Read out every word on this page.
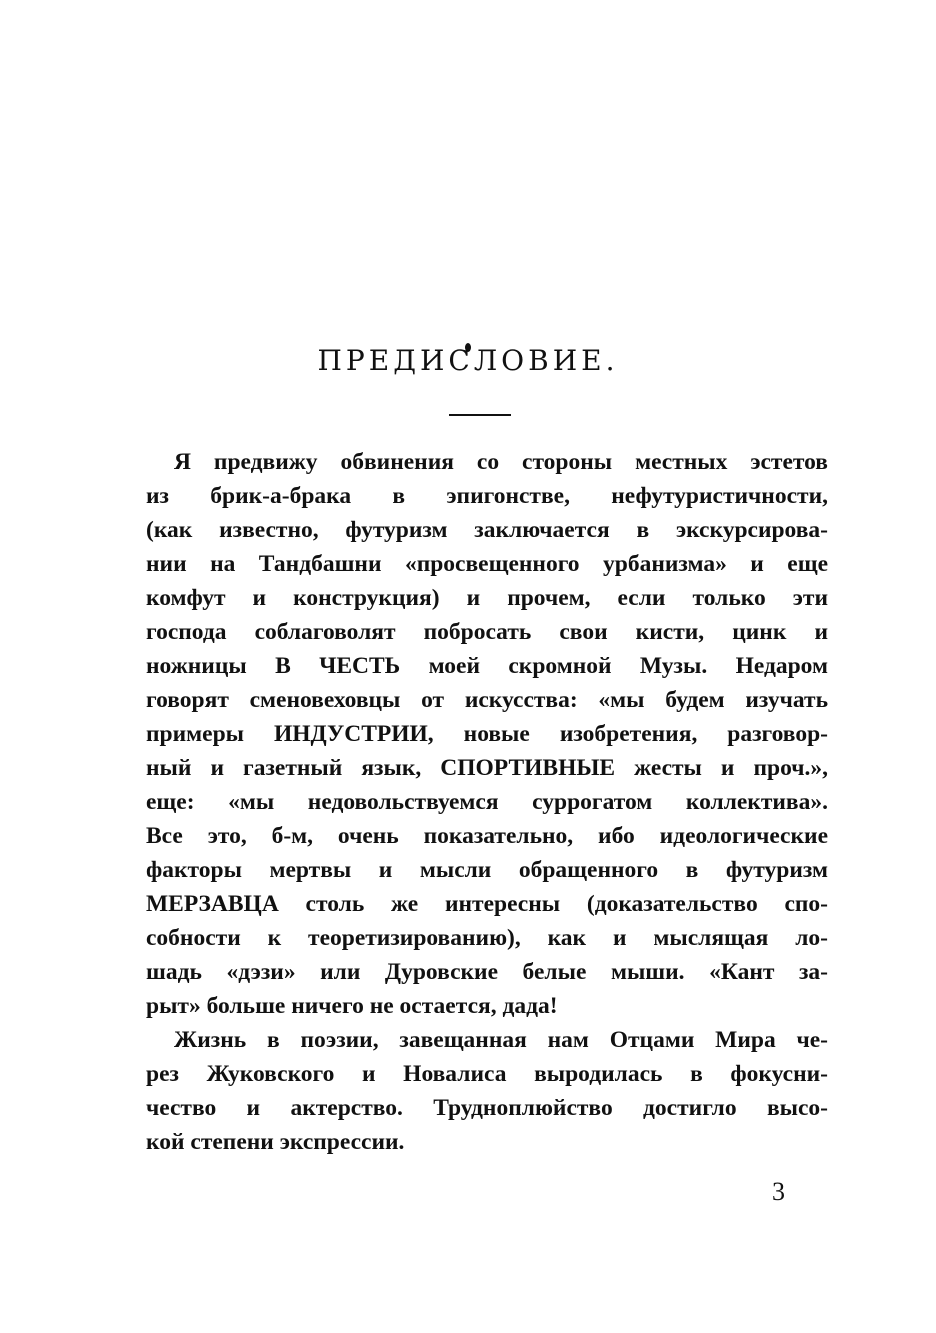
ПРЕДИСЛОВИЕ.
Я предвижу обвинения со стороны местных эстетов
из брик-а-брака в эпигонстве, нефутуристичности,
(как известно, футуризм заключается в экскурсирова-
нии на Тандбашни «просвещенного урбанизма» и еще
комфут и конструкция) и прочем, если только эти
господа соблаговолят побросать свои кисти, цинк и
ножницы В ЧЕСТЬ моей скромной Музы. Недаром
говорят сменовеховцы от искусства: «мы будем изучать
примеры ИНДУСТРИИ, новые изобретения, разговор-
ный и газетный язык, СПОРТИВНЫЕ жесты и проч.»,
еще: «мы недовольствуемся суррогатом коллектива».
Все это, б-м, очень показательно, ибо идеологические
факторы мертвы и мысли обращенного в футуризм
МЕРЗАВЦА столь же интересны (доказательство спо-
собности к теоретизированию), как и мыслящая ло-
шадь «дэзи» или Дуровские белые мыши. «Кант за-
рыт» больше ничего не остается, дада!
Жизнь в поэзии, завещанная нам Отцами Мира че-
рез Жуковского и Новалиса выродилась в фокусни-
чество и актерство. Трудноплюйство достигло высо-
кой степени экспрессии.
3
